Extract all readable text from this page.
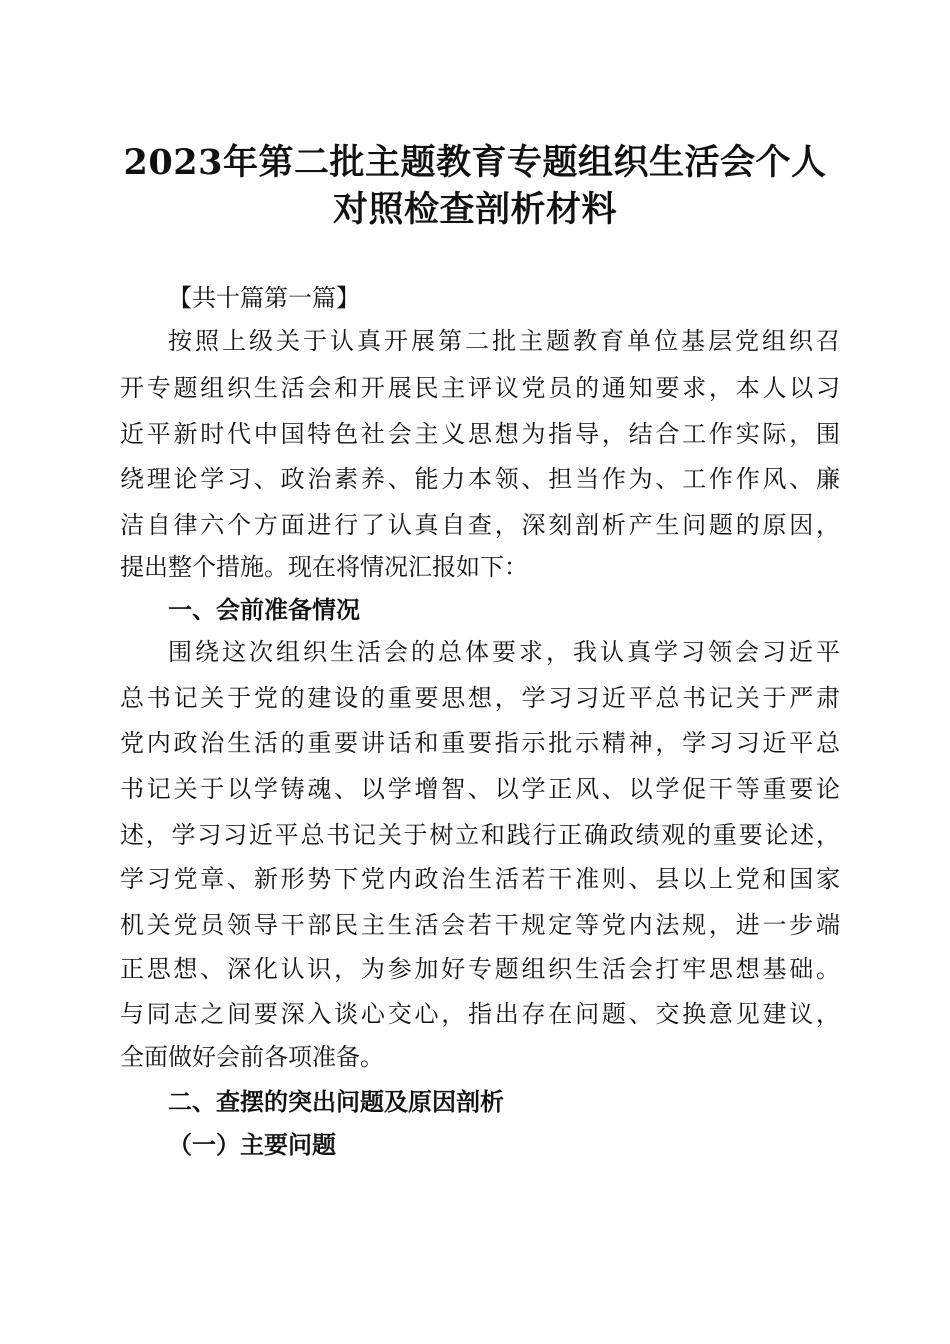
2023年第二批主题教育专题组织生活会个人
对照检查剖析材料

【共十篇第一篇】

按照上级关于认真开展第二批主题教育单位基层党组织召

开专题组织生活会和开展民主评议党员的通知要求，本人以习

近平新时代中国特色社会主义思想为指导，结合工作实际，围

绕理论学习、政治素养、能力本领、担当作为、工作作风、廉

洁自律六个方面进行了认真自查，深刻剖析产生问题的原因，

提出整个措施。现在将情况汇报如下：

一、会前准备情况

围绕这次组织生活会的总体要求，我认真学习领会习近平

总书记关于党的建设的重要思想，学习习近平总书记关于严肃

党内政治生活的重要讲话和重要指示批示精神，学习习近平总

书记关于以学铸魂、以学增智、以学正风、以学促干等重要论

述，学习习近平总书记关于树立和践行正确政绩观的重要论述，

学习党章、新形势下党内政治生活若干准则、县以上党和国家

机关党员领导干部民主生活会若干规定等党内法规，进一步端

正思想、深化认识，为参加好专题组织生活会打牢思想基础。

与同志之间要深入谈心交心，指出存在问题、交换意见建议，

全面做好会前各项准备。

二、查摆的突出问题及原因剖析
（一）主要问题
